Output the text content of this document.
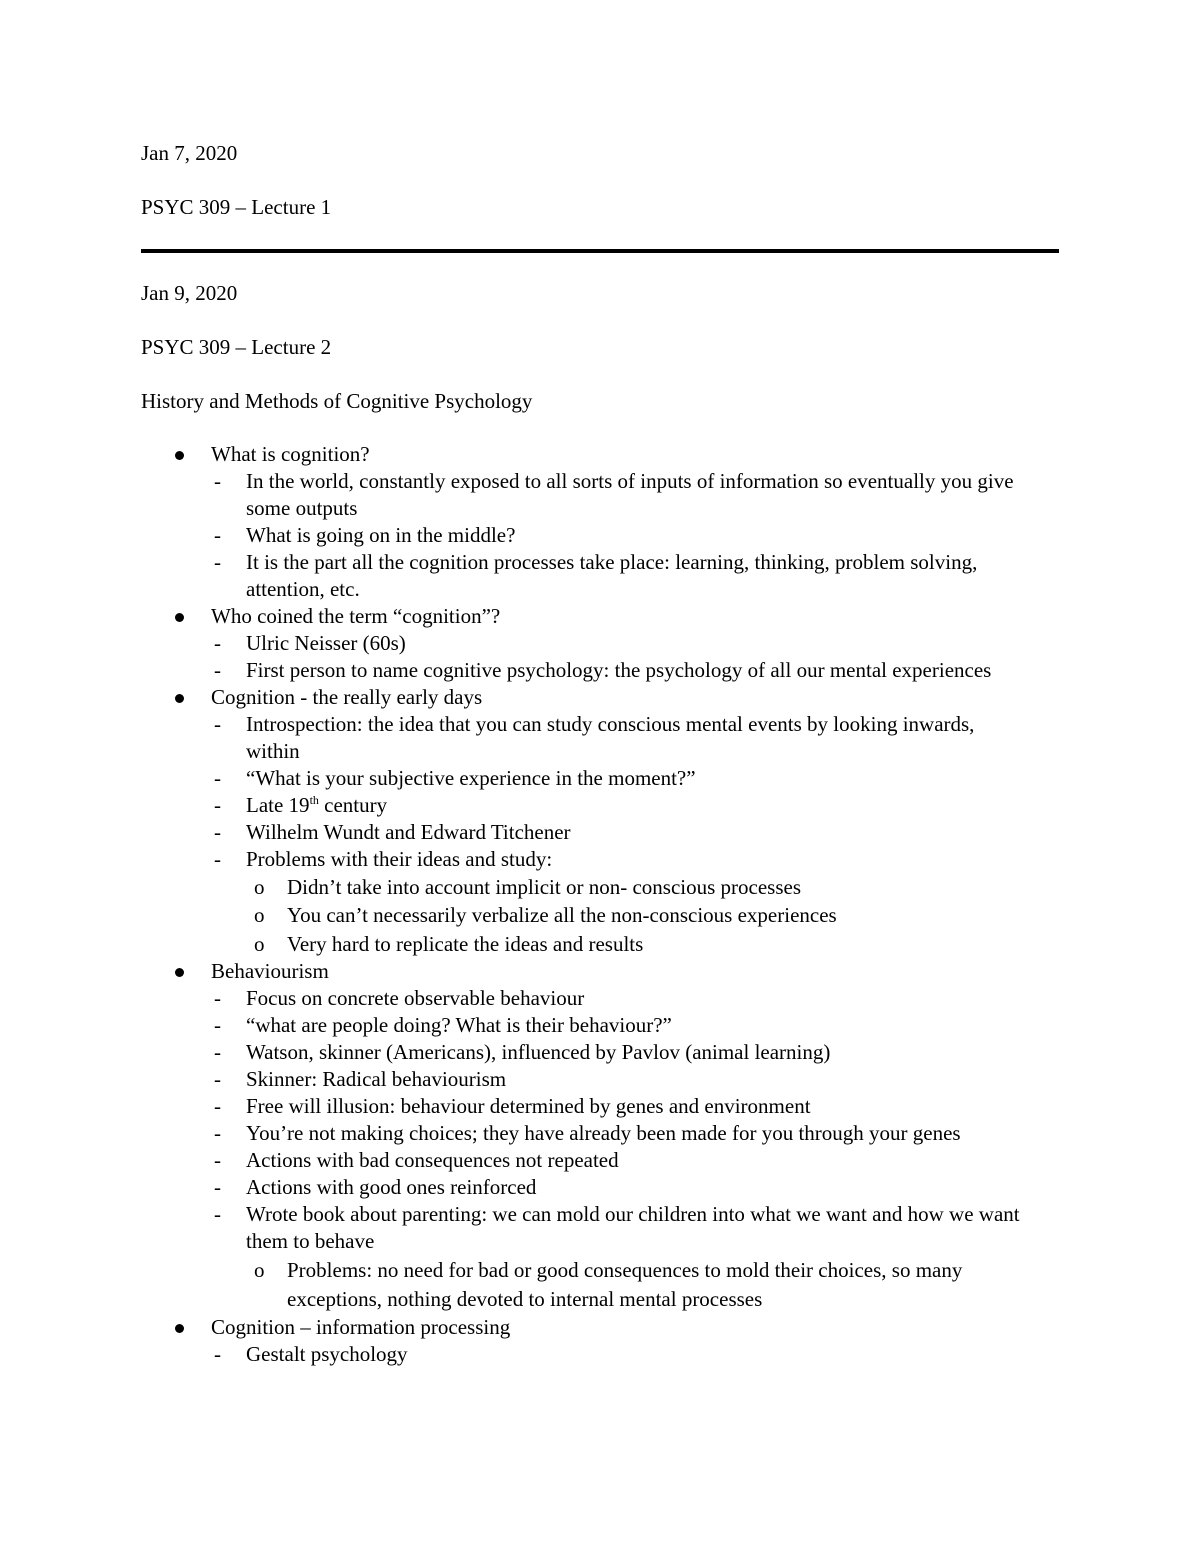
Jan 7, 2020

PSYC 309 – Lecture 1

Jan 9, 2020

PSYC 309 – Lecture 2

History and Methods of Cognitive Psychology

What is cognition?
- In the world, constantly exposed to all sorts of inputs of information so eventually you give some outputs
- What is going on in the middle?
- It is the part all the cognition processes take place: learning, thinking, problem solving, attention, etc.
Who coined the term “cognition”?
- Ulric Neisser (60s)
- First person to name cognitive psychology: the psychology of all our mental experiences
Cognition - the really early days
- Introspection: the idea that you can study conscious mental events by looking inwards, within
- “What is your subjective experience in the moment?”
- Late 19th century
- Wilhelm Wundt and Edward Titchener
- Problems with their ideas and study:
o Didn’t take into account implicit or non- conscious processes
o You can’t necessarily verbalize all the non-conscious experiences
o Very hard to replicate the ideas and results
Behaviourism
- Focus on concrete observable behaviour
- “what are people doing? What is their behaviour?”
- Watson, skinner (Americans), influenced by Pavlov (animal learning)
- Skinner: Radical behaviourism
- Free will illusion: behaviour determined by genes and environment
- You’re not making choices; they have already been made for you through your genes
- Actions with bad consequences not repeated
- Actions with good ones reinforced
- Wrote book about parenting: we can mold our children into what we want and how we want them to behave
o Problems: no need for bad or good consequences to mold their choices, so many exceptions, nothing devoted to internal mental processes
Cognition – information processing
- Gestalt psychology
